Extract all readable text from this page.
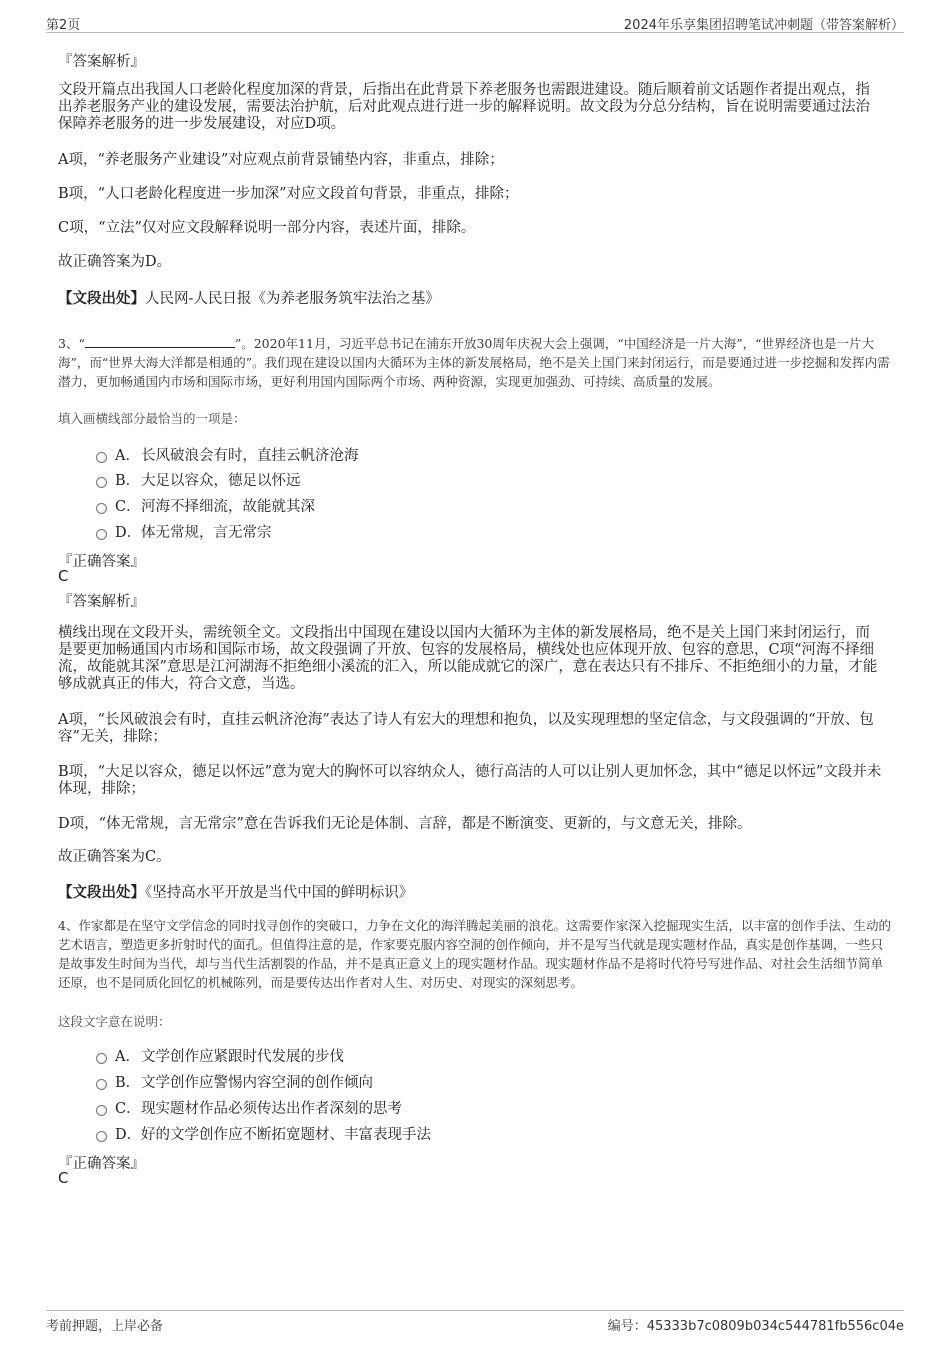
第2页	2024年乐享集团招聘笔试冲刺题（带答案解析）
『答案解析』
文段开篇点出我国人口老龄化程度加深的背景，后指出在此背景下养老服务也需跟进建设。随后顺着前文话题作者提出观点，指出养老服务产业的建设发展，需要法治护航，后对此观点进行进一步的解释说明。故文段为分总分结构，旨在说明需要通过法治保障养老服务的进一步发展建设，对应D项。
A项，“养老服务产业建设”对应观点前背景铺垫内容，非重点，排除；
B项，“人口老龄化程度进一步加深”对应文段首句背景，非重点，排除；
C项，“立法”仅对应文段解释说明一部分内容，表述片面，排除。
故正确答案为D。
【文段出处】人民网-人民日报《为养老服务筑牢法治之基》
3、“	”。2020年11月，习近平总书记在浦东开放30周年庆祝大会上强调，“中国经济是一片大海”，“世界经济也是一片大海”，而“世界大海大洋都是相通的”。我们现在建设以国内大循环为主体的新发展格局，绝不是关上国门来封闭运行，而是要通过进一步挖掘和发挥内需潜力，更加畅通国内市场和国际市场，更好利用国内国际两个市场、两种资源，实现更加强劲、可持续、高质量的发展。
填入画横线部分最恰当的一项是：
A． 长风破浪会有时，直挂云帆济沧海
B． 大足以容众，德足以怀远
C． 河海不择细流，故能就其深
D． 体无常规，言无常宗
『正确答案』
C
『答案解析』
横线出现在文段开头，需统领全文。文段指出中国现在建设以国内大循环为主体的新发展格局，绝不是关上国门来封闭运行，而是要更加畅通国内市场和国际市场，故文段强调了开放、包容的发展格局，横线处也应体现开放、包容的意思，C项“河海不择细流，故能就其深”意思是江河湖海不拒绝细小溪流的汇入，所以能成就它的深广，意在表达只有不排斥、不拒绝细小的力量，才能够成就真正的伟大，符合文意，当选。
A项，“长风破浪会有时，直挂云帆济沧海”表达了诗人有宏大的理想和抱负，以及实现理想的坚定信念，与文段强调的“开放、包容”无关，排除；
B项，“大足以容众，德足以怀远”意为宽大的胸怀可以容纳众人，德行高洁的人可以让别人更加怀念，其中“德足以怀远”文段并未体现，排除；
D项，“体无常规，言无常宗”意在告诉我们无论是体制、言辞，都是不断演变、更新的，与文意无关，排除。
故正确答案为C。
【文段出处】《坚持高水平开放是当代中国的鲜明标识》
4、作家都是在坚守文学信念的同时找寻创作的突破口，力争在文化的海洋腾起美丽的浪花。这需要作家深入挖掘现实生活，以丰富的创作手法、生动的艺术语言，塑造更多折射时代的面孔。但值得注意的是，作家要克服内容空洞的创作倾向，并不是写当代就是现实题材作品，真实是创作基调，一些只是故事发生时间为当代，却与当代生活割裂的作品，并不是真正意义上的现实题材作品。现实题材作品不是将时代符号写进作品、对社会生活细节简单还原，也不是同质化回忆的机械陈列，而是要传达出作者对人生、对历史、对现实的深刻思考。
这段文字意在说明：
A． 文学创作应紧跟时代发展的步伐
B． 文学创作应警惕内容空洞的创作倾向
C． 现实题材作品必须传达出作者深刻的思考
D． 好的文学创作应不断拓宽题材、丰富表现手法
『正确答案』
C
考前押题，上岸必备	编号：45333b7c0809b034c544781fb556c04e
